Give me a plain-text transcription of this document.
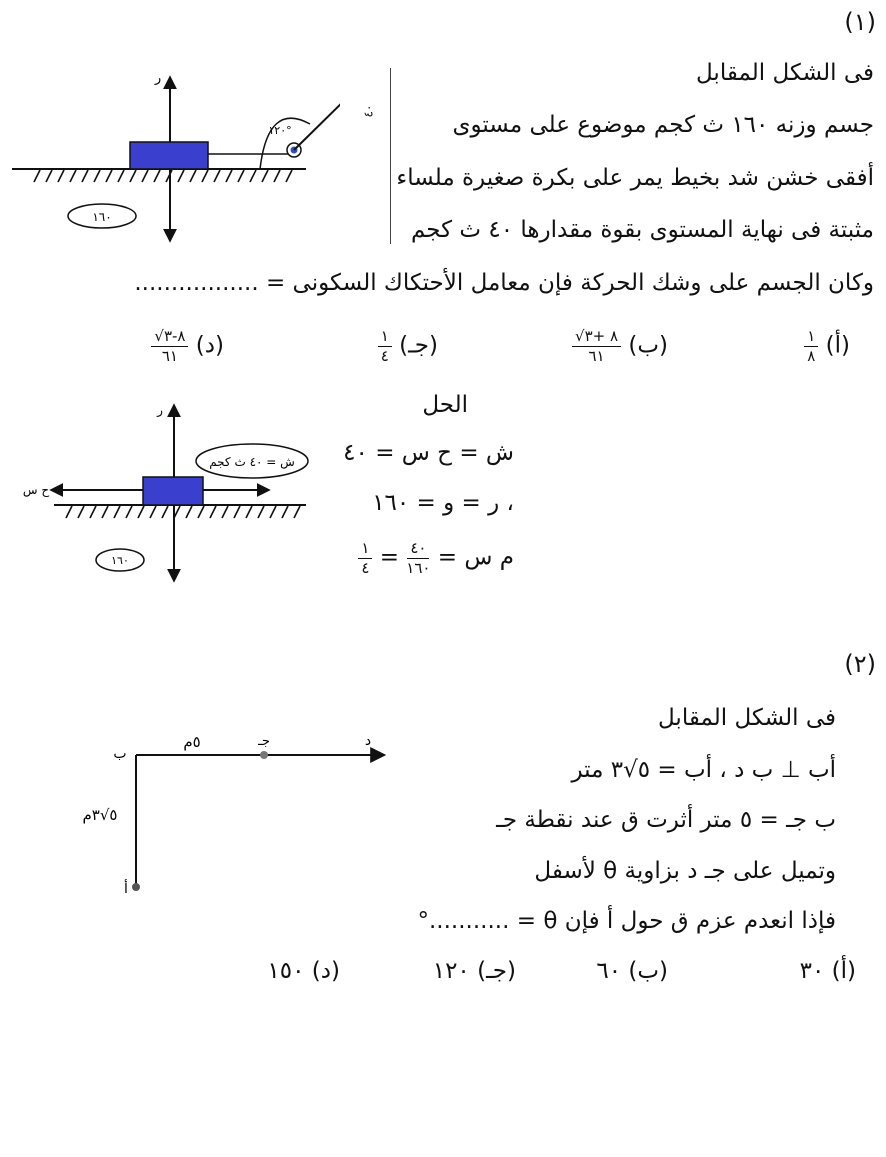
(١)
فى الشكل المقابل
جسم وزنه ١٦٠ ث كجم موضوع على مستوى
أفقى خشن شد بخيط يمر على بكرة صغيرة ملساء
مثبتة فى نهاية المستوى بقوة مقدارها ٤٠ ث كجم
وكان الجسم على وشك الحركة فإن معامل الأحتكاك السكونى = .................
ر
١٢٠°
١٦٠
٤٠
(أ)
$\frac{١}{٨}$
(ب)
$\frac{٨ +٣√}{٦١}$
(جـ)
$\frac{١}{٤}$
(د)
$\frac{٨-٣√}{٦١}$
الحل
ش = ح س = ٤٠
، ر = و = ١٦٠
م س =
$\frac{٤٠}{١٦٠}$
=
$\frac{١}{٤}$
ر
ح س
ش = ٤٠ ث كجم
١٦٠
(٢)
فى الشكل المقابل
أب ⊥ ب د ، أب = ٥√٣ متر
ب جـ = ٥ متر أثرت ق عند نقطة جـ
وتميل على جـ د بزاوية θ لأسفل
فإذا انعدم عزم ق حول أ فإن θ = ...........°
ب
جـ	د
أ
٥م
٥√٣م
(أ) ٣٠
(ب) ٦٠
(جـ) ١٢٠
(د) ١٥٠
